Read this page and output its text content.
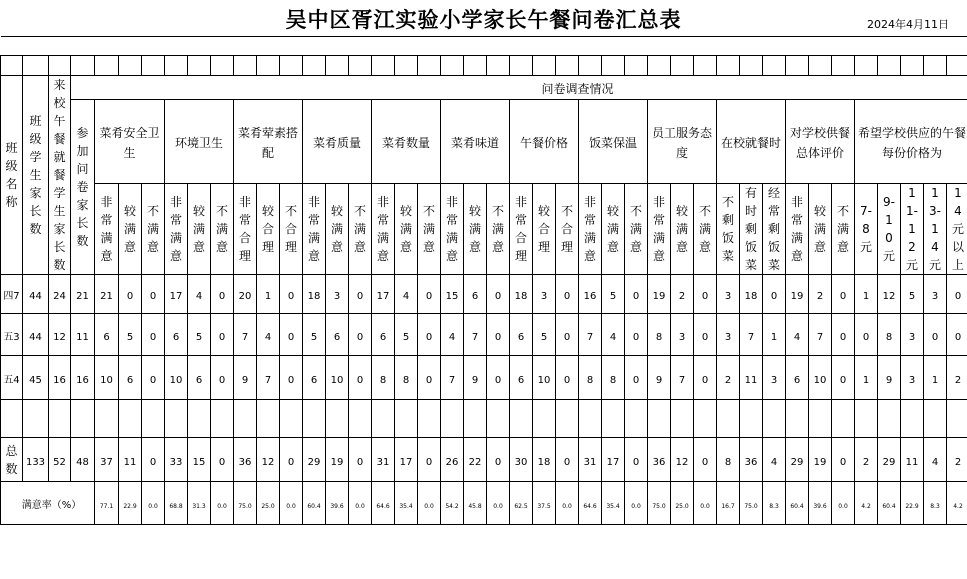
吴中区胥江实验小学家长午餐问卷汇总表	2024年4月11日

班级名称	班级学生家长数	来校午餐就餐学生家长数	问卷调查情况																																											
			参加问卷家长数	菜肴安全卫生			环境卫生			菜肴荤素搭配			菜肴质量			菜肴数量			菜肴味道			午餐价格			饭菜保温			员工服务态度			在校就餐时			对学校供餐总体评价			希望学校供应的午餐每份价格为									
				非常满意	较满意	不满意	非常满意	较满意	不满意	非常合理	较合理	不合理	非常满意	较满意	不满意	非常满意	较满意	不满意	非常满意	较满意	不满意	非常合理	较合理	不合理	非常满意	较满意	不满意	非常满意	较满意	不满意	不剩饭菜	有时剩饭菜	经常剩饭菜	非常满意	较满意	不满意	7-8元	9-10元	11-12元	13-14元	14元以上					
四7	44	24	21	21	0	0	17	4	0	20	1	0	18	3	0	17	4	0	15	6	0	18	3	0	16	5	0	19	2	0	3	18	0	19	2	0	1	12	5	3	0					
五3	44	12	11	6	5	0	6	5	0	7	4	0	5	6	0	6	5	0	4	7	0	6	5	0	7	4	0	8	3	0	3	7	1	4	7	0	0	8	3	0	0					
五4	45	16	16	10	6	0	10	6	0	9	7	0	6	10	0	8	8	0	7	9	0	6	10	0	8	8	0	9	7	0	2	11	3	6	10	0	1	9	3	1	2					

总数	133	52	48	37	11	0	33	15	0	36	12	0	29	19	0	31	17	0	26	22	0	30	18	0	31	17	0	36	12	0	8	36	4	29	19	0	2	29	11	4	2					
满意率（%）				77.1	22.9	0.0	68.8	31.3	0.0	75.0	25.0	0.0	60.4	39.6	0.0	64.6	35.4	0.0	54.2	45.8	0.0	62.5	37.5	0.0	64.6	35.4	0.0	75.0	25.0	0.0	16.7	75.0	8.3	60.4	39.6	0.0	4.2	60.4	22.9	8.3	4.2					
